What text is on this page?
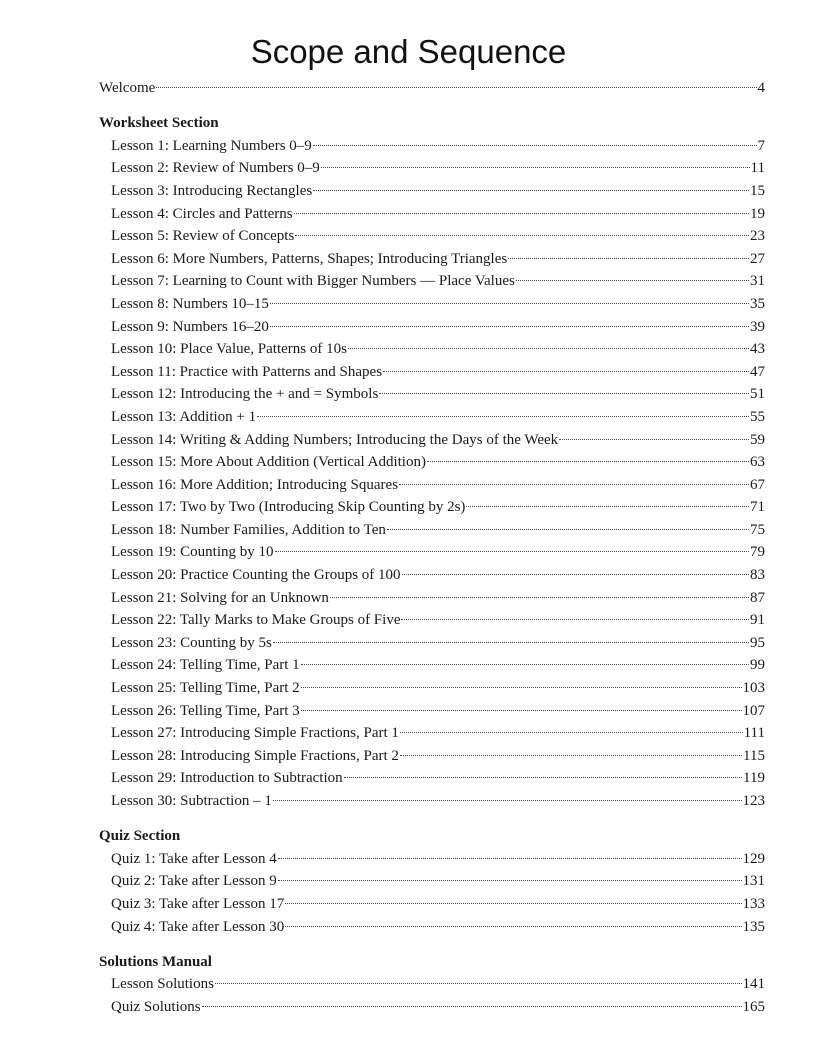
Scope and Sequence
Welcome	4
Worksheet Section
Lesson 1: Learning Numbers 0–9	7
Lesson 2: Review of Numbers 0–9	11
Lesson 3: Introducing Rectangles	15
Lesson 4: Circles and Patterns	19
Lesson 5: Review of Concepts	23
Lesson 6: More Numbers, Patterns, Shapes; Introducing Triangles	27
Lesson 7: Learning to Count with Bigger Numbers — Place Values	31
Lesson 8: Numbers 10–15	35
Lesson 9: Numbers 16–20	39
Lesson 10: Place Value, Patterns of 10s	43
Lesson 11: Practice with Patterns and Shapes	47
Lesson 12: Introducing the + and = Symbols	51
Lesson 13: Addition + 1	55
Lesson 14: Writing & Adding Numbers; Introducing the Days of the Week	59
Lesson 15: More About Addition (Vertical Addition)	63
Lesson 16: More Addition; Introducing Squares	67
Lesson 17: Two by Two (Introducing Skip Counting by 2s)	71
Lesson 18: Number Families, Addition to Ten	75
Lesson 19: Counting by 10	79
Lesson 20: Practice Counting the Groups of 100	83
Lesson 21: Solving for an Unknown	87
Lesson 22: Tally Marks to Make Groups of Five	91
Lesson 23: Counting by 5s	95
Lesson 24: Telling Time, Part 1	99
Lesson 25: Telling Time, Part 2	103
Lesson 26: Telling Time, Part 3	107
Lesson 27: Introducing Simple Fractions, Part 1	111
Lesson 28: Introducing Simple Fractions, Part 2	115
Lesson 29: Introduction to Subtraction	119
Lesson 30: Subtraction – 1	123
Quiz Section
Quiz 1: Take after Lesson 4	129
Quiz 2: Take after Lesson 9	131
Quiz 3: Take after Lesson 17	133
Quiz 4: Take after Lesson 30	135
Solutions Manual
Lesson Solutions	141
Quiz Solutions	165
